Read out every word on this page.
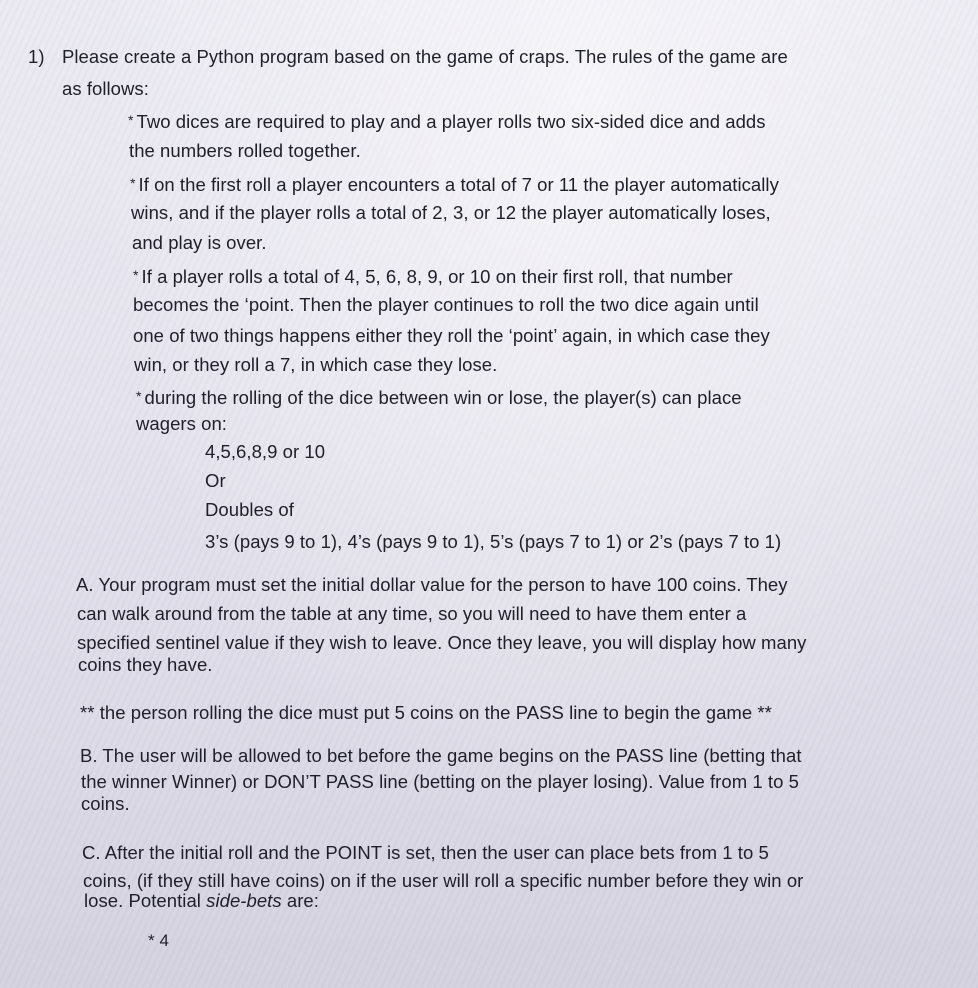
1) Please create a Python program based on the game of craps. The rules of the game are
as follows:
* Two dices are required to play and a player rolls two six-sided dice and adds
the numbers rolled together.
* If on the first roll a player encounters a total of 7 or 11 the player automatically
wins, and if the player rolls a total of 2, 3, or 12 the player automatically loses,
and play is over.
* If a player rolls a total of 4, 5, 6, 8, 9, or 10 on their first roll, that number
becomes the ‘point. Then the player continues to roll the two dice again until
one of two things happens either they roll the ‘point’ again, in which case they
win, or they roll a 7, in which case they lose.
* during the rolling of the dice between win or lose, the player(s) can place
wagers on:
4,5,6,8,9 or 10
Or
Doubles of
3’s (pays 9 to 1), 4’s (pays 9 to 1), 5’s (pays 7 to 1) or 2’s (pays 7 to 1)
A. Your program must set the initial dollar value for the person to have 100 coins. They
can walk around from the table at any time, so you will need to have them enter a
specified sentinel value if they wish to leave. Once they leave, you will display how many
coins they have.
** the person rolling the dice must put 5 coins on the PASS line to begin the game **
B. The user will be allowed to bet before the game begins on the PASS line (betting that
the winner Winner) or DON’T PASS line (betting on the player losing). Value from 1 to 5
coins.
C. After the initial roll and the POINT is set, then the user can place bets from 1 to 5
coins, (if they still have coins) on if the user will roll a specific number before they win or
lose. Potential side-bets are:
* 4
